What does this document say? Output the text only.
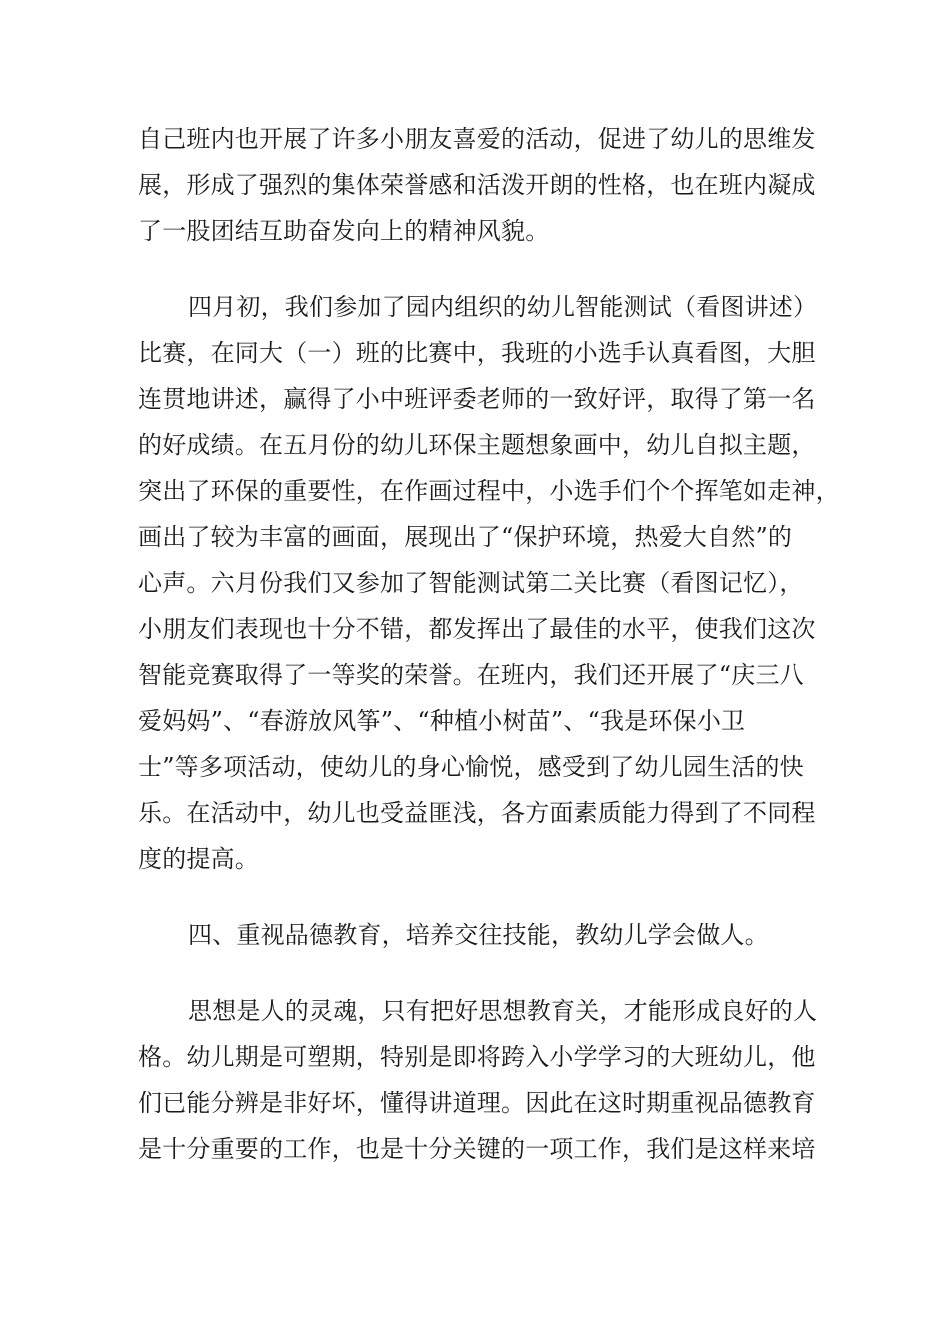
自己班内也开展了许多小朋友喜爱的活动，促进了幼儿的思维发
展，形成了强烈的集体荣誉感和活泼开朗的性格，也在班内凝成
了一股团结互助奋发向上的精神风貌。
四月初，我们参加了园内组织的幼儿智能测试（看图讲述）
比赛，在同大（一）班的比赛中，我班的小选手认真看图，大胆
连贯地讲述，赢得了小中班评委老师的一致好评，取得了第一名
的好成绩。在五月份的幼儿环保主题想象画中，幼儿自拟主题，
突出了环保的重要性，在作画过程中，小选手们个个挥笔如走神，
画出了较为丰富的画面，展现出了“保护环境，热爱大自然”的
心声。六月份我们又参加了智能测试第二关比赛（看图记忆），
小朋友们表现也十分不错，都发挥出了最佳的水平，使我们这次
智能竞赛取得了一等奖的荣誉。在班内，我们还开展了“庆三八
爱妈妈”、“春游放风筝”、“种植小树苗”、“我是环保小卫
士”等多项活动，使幼儿的身心愉悦，感受到了幼儿园生活的快
乐。在活动中，幼儿也受益匪浅，各方面素质能力得到了不同程
度的提高。
四、重视品德教育，培养交往技能，教幼儿学会做人。
思想是人的灵魂，只有把好思想教育关，才能形成良好的人
格。幼儿期是可塑期，特别是即将跨入小学学习的大班幼儿，他
们已能分辨是非好坏，懂得讲道理。因此在这时期重视品德教育
是十分重要的工作，也是十分关键的一项工作，我们是这样来培
